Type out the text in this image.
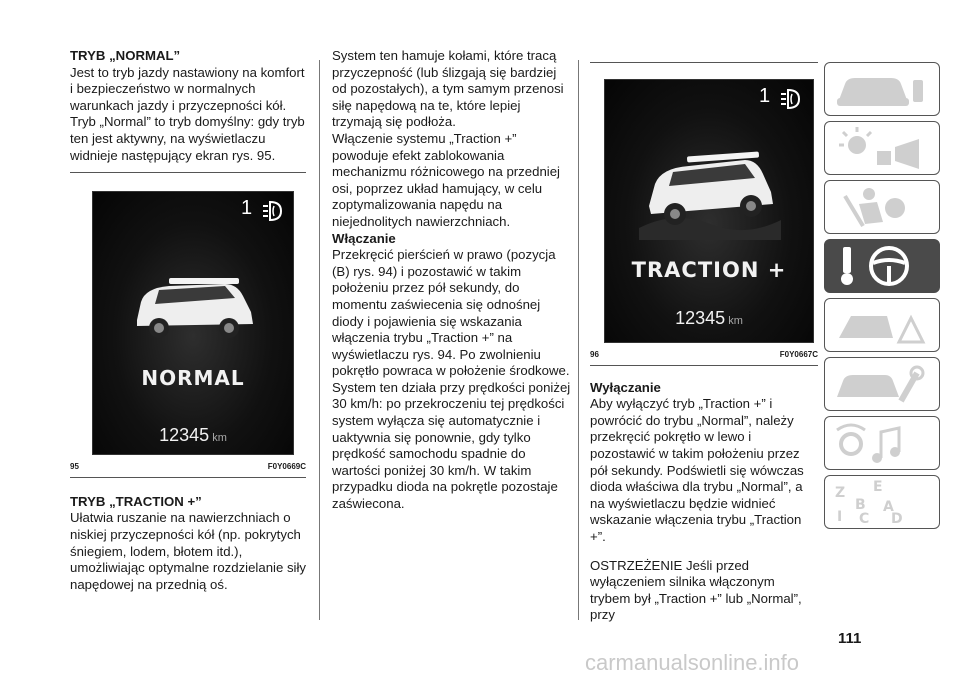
TRYB „NORMAL”

Jest to tryb jazdy nastawiony na komfort i bezpieczeństwo w normalnych warunkach jazdy i przyczepności kół. Tryb „Normal” to tryb domyślny: gdy tryb ten jest aktywny, na wyświetlaczu widnieje następujący ekran rys. 95.

1
NORMAL
12345 km
95	F0Y0669C
TRYB „TRACTION +”

Ułatwia ruszanie na nawierzchniach o niskiej przyczepności kół (np. pokrytych śniegiem, lodem, błotem itd.), umożliwiając optymalne rozdzielanie siły napędowej na przednią oś.

System ten hamuje kołami, które tracą przyczepność (lub ślizgają się bardziej od pozostałych), a tym samym przenosi siłę napędową na te, które lepiej trzymają się podłoża.

Włączenie systemu „Traction +” powoduje efekt zablokowania mechanizmu różnicowego na przedniej osi, poprzez układ hamujący, w celu zoptymalizowania napędu na niejednolitych nawierzchniach.

Włączanie

Przekręcić pierścień w prawo (pozycja (B) rys. 94) i pozostawić w takim położeniu przez pół sekundy, do momentu zaświecenia się odnośnej diody i pojawienia się wskazania włączenia trybu „Traction +” na wyświetlaczu rys. 94. Po zwolnieniu pokrętło powraca w położenie środkowe.

System ten działa przy prędkości poniżej 30 km/h: po przekroczeniu tej prędkości system wyłącza się automatycznie i uaktywnia się ponownie, gdy tylko prędkość samochodu spadnie do wartości poniżej 30 km/h. W takim przypadku dioda na pokrętle pozostaje zaświecona.

1
TRACTION +
12345 km
96	F0Y0667C
Wyłączanie

Aby wyłączyć tryb „Traction +” i powrócić do trybu „Normal”, należy przekręcić pokrętło w lewo i pozostawić w takim położeniu przez pół sekundy. Podświetli się wówczas dioda właściwa dla trybu „Normal”, a na wyświetlaczu będzie widnieć wskazanie włączenia trybu „Traction +”.

OSTRZEŻENIE Jeśli przed wyłączeniem silnika włączonym trybem był „Traction +” lub „Normal”, przy

Z E
B A
I C D
111
carmanualsonline.info
